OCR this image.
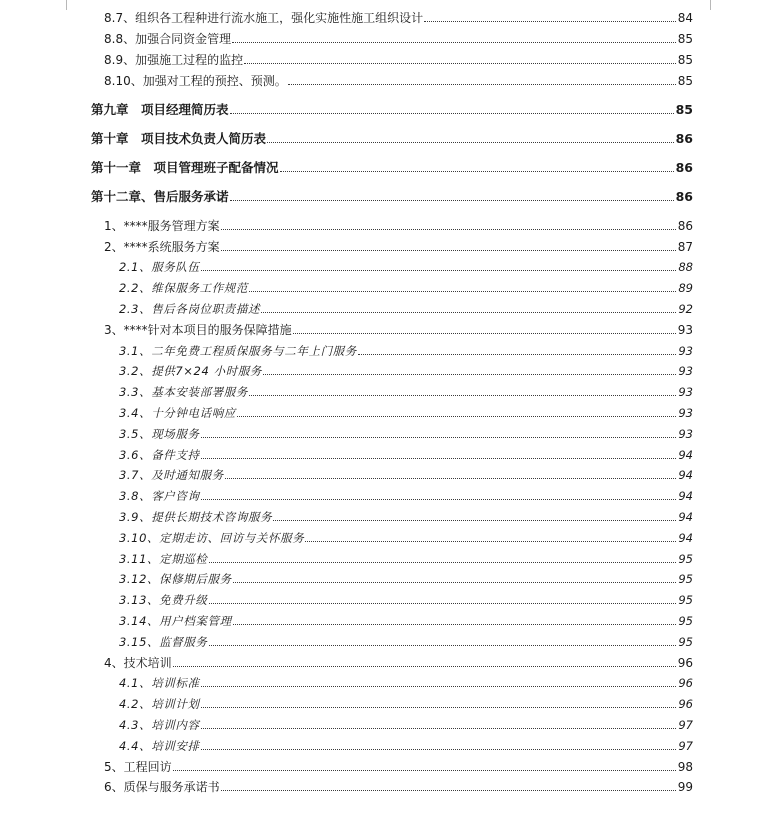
8.7、组织各工程种进行流水施工，强化实施性施工组织设计	84
8.8、加强合同资金管理	85
8.9、加强施工过程的监控	85
8.10、加强对工程的预控、预测。	85
第九章　项目经理简历表	85
第十章　项目技术负责人简历表	86
第十一章　项目管理班子配备情况	86
第十二章、售后服务承诺	86
1、****服务管理方案	86
2、****系统服务方案	87
2.1、服务队伍	88
2.2、维保服务工作规范	89
2.3、售后各岗位职责描述	92
3、****针对本项目的服务保障措施	93
3.1、二年免费工程质保服务与二年上门服务	93
3.2、提供7×24 小时服务	93
3.3、基本安装部署服务	93
3.4、十分钟电话响应	93
3.5、现场服务	93
3.6、备件支持	94
3.7、及时通知服务	94
3.8、客户咨询	94
3.9、提供长期技术咨询服务	94
3.10、定期走访、回访与关怀服务	94
3.11、定期巡检	95
3.12、保修期后服务	95
3.13、免费升级	95
3.14、用户档案管理	95
3.15、监督服务	95
4、技术培训	96
4.1、培训标准	96
4.2、培训计划	96
4.3、培训内容	97
4.4、培训安排	97
5、工程回访	98
6、质保与服务承诺书	99
